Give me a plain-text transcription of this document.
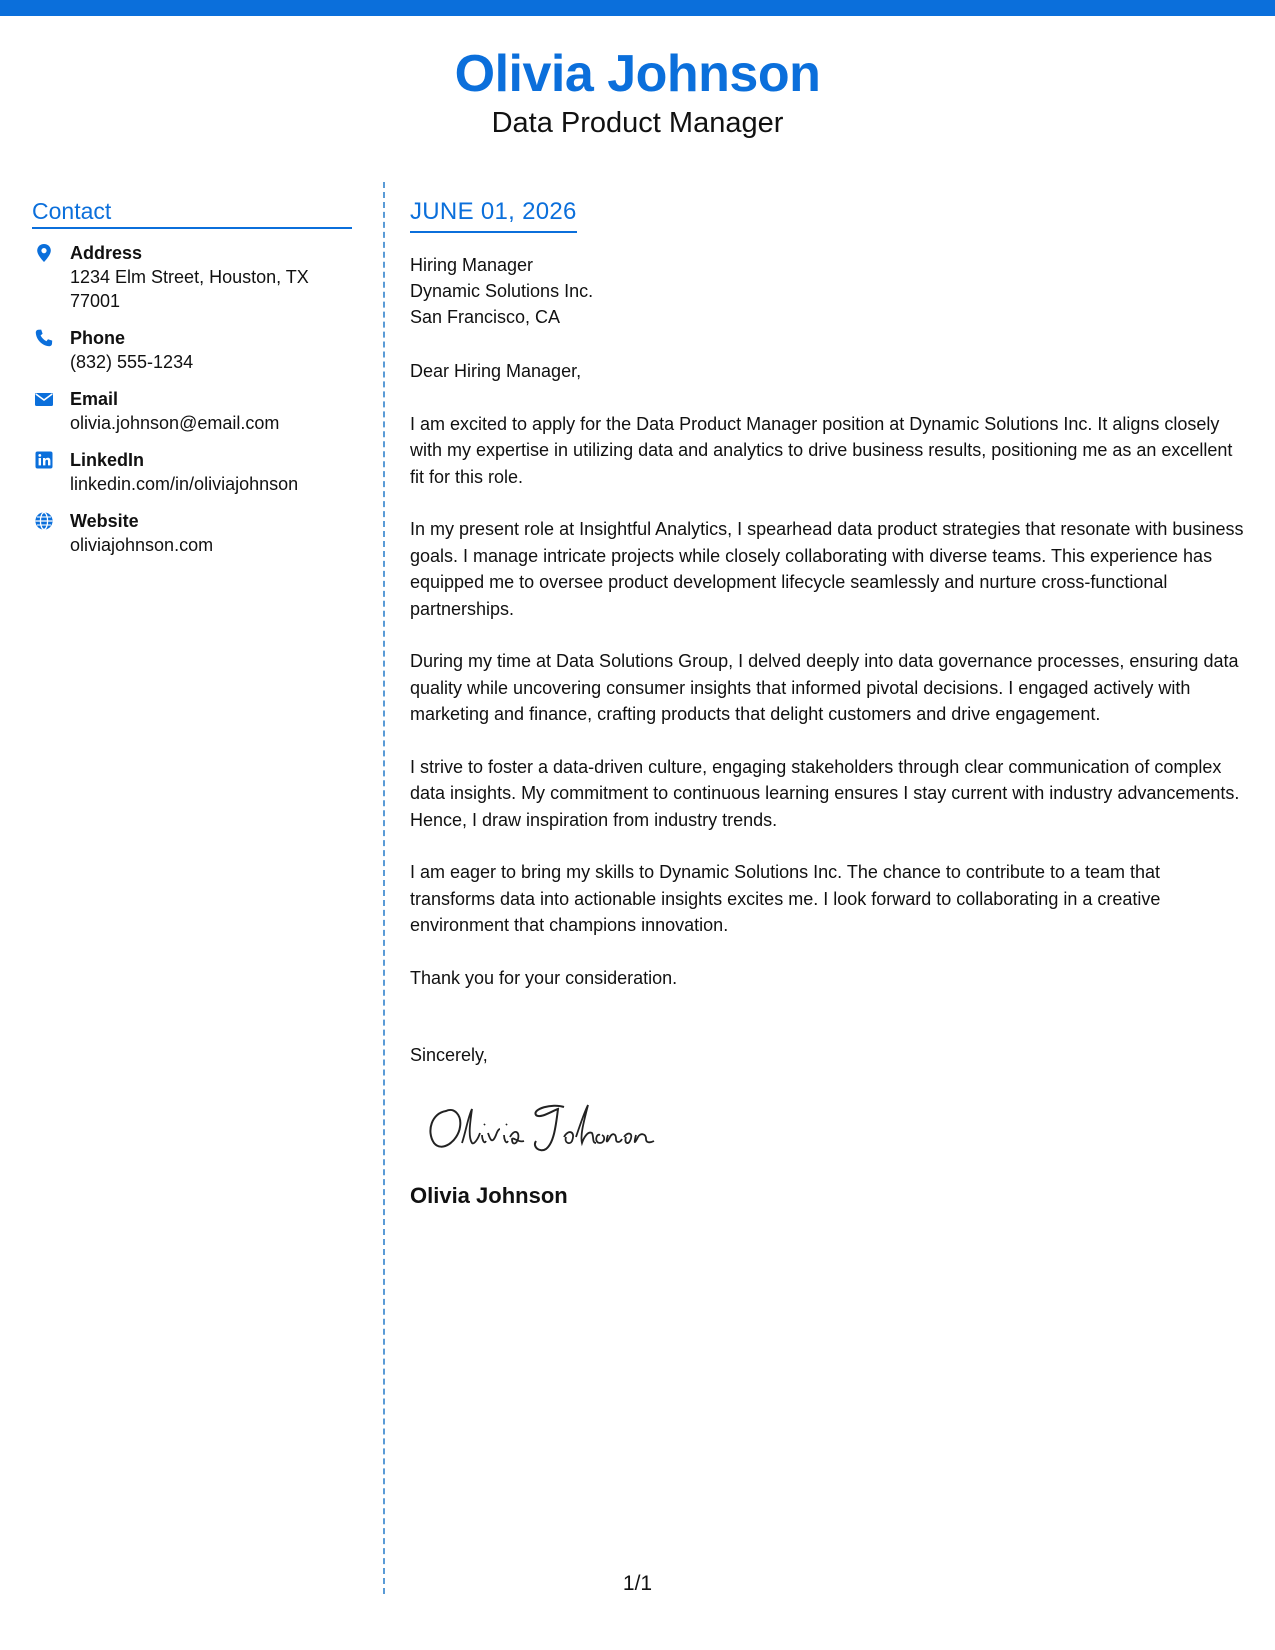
Olivia Johnson
Data Product Manager
Contact
Address
1234 Elm Street, Houston, TX
77001
Phone
(832) 555-1234
Email
olivia.johnson@email.com
LinkedIn
linkedin.com/in/oliviajohnson
Website
oliviajohnson.com
JUNE 01, 2026
Hiring Manager
Dynamic Solutions Inc.
San Francisco, CA
Dear Hiring Manager,
I am excited to apply for the Data Product Manager position at Dynamic Solutions Inc. It aligns closely with my expertise in utilizing data and analytics to drive business results, positioning me as an excellent fit for this role.
In my present role at Insightful Analytics, I spearhead data product strategies that resonate with business goals. I manage intricate projects while closely collaborating with diverse teams. This experience has equipped me to oversee product development lifecycle seamlessly and nurture cross-functional partnerships.
During my time at Data Solutions Group, I delved deeply into data governance processes, ensuring data quality while uncovering consumer insights that informed pivotal decisions. I engaged actively with marketing and finance, crafting products that delight customers and drive engagement.
I strive to foster a data-driven culture, engaging stakeholders through clear communication of complex data insights. My commitment to continuous learning ensures I stay current with industry advancements. Hence, I draw inspiration from industry trends.
I am eager to bring my skills to Dynamic Solutions Inc. The chance to contribute to a team that transforms data into actionable insights excites me. I look forward to collaborating in a creative environment that champions innovation.
Thank you for your consideration.
Sincerely,
Olivia Johnson
1/1
